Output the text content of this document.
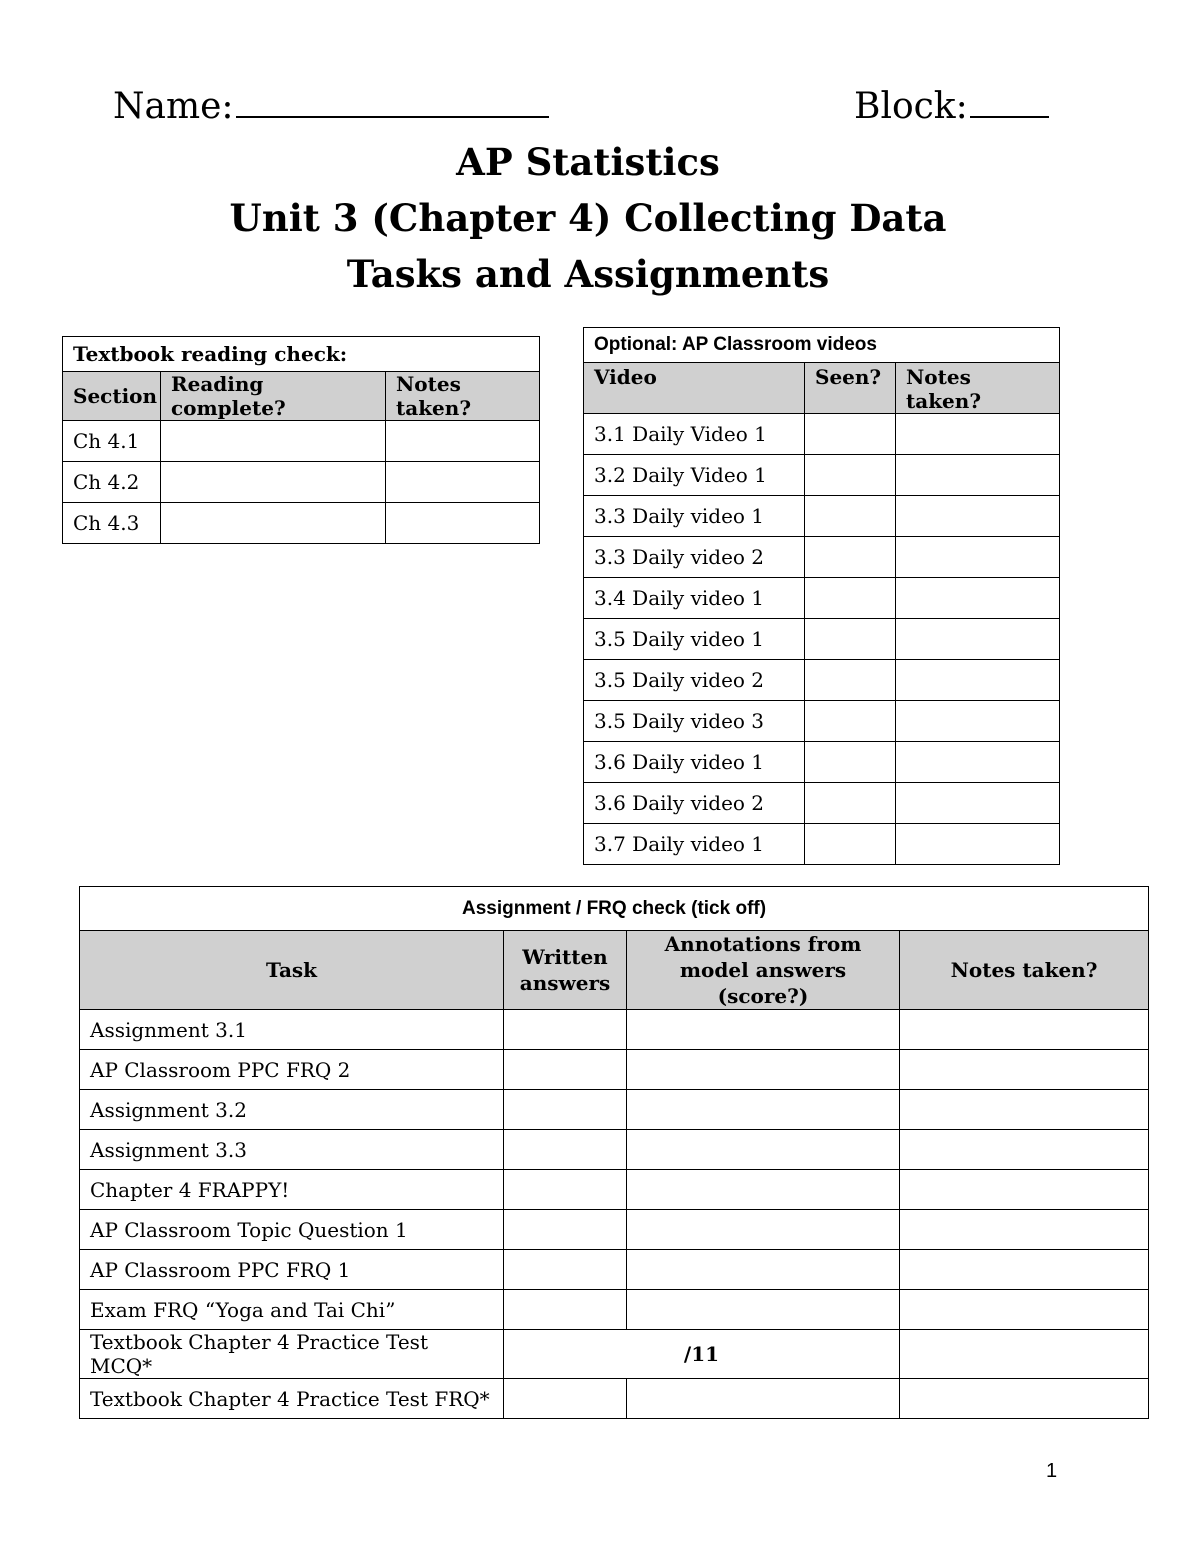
Name:	Block:
AP Statistics
Unit 3 (Chapter 4) Collecting Data
Tasks and Assignments
Textbook reading check:		
Section	Reading complete?	Notes taken?
Ch 4.1		
Ch 4.2		
Ch 4.3		
Optional: AP Classroom videos		
Video	Seen?	Notes taken?
3.1 Daily Video 1		
3.2 Daily Video 1		
3.3 Daily video 1		
3.3 Daily video 2		
3.4 Daily video 1		
3.5 Daily video 1		
3.5 Daily video 2		
3.5 Daily video 3		
3.6 Daily video 1		
3.6 Daily video 2		
3.7 Daily video 1		
Assignment / FRQ check (tick off)			
Task	Written answers	Annotations from model answers (score?)	Notes taken?
Assignment 3.1			
AP Classroom PPC FRQ 2			
Assignment 3.2			
Assignment 3.3			
Chapter 4 FRAPPY!			
AP Classroom Topic Question 1			
AP Classroom PPC FRQ 1			
Exam FRQ “Yoga and Tai Chi”			
Textbook Chapter 4 Practice Test MCQ*	/11		
Textbook Chapter 4 Practice Test FRQ*			
1
